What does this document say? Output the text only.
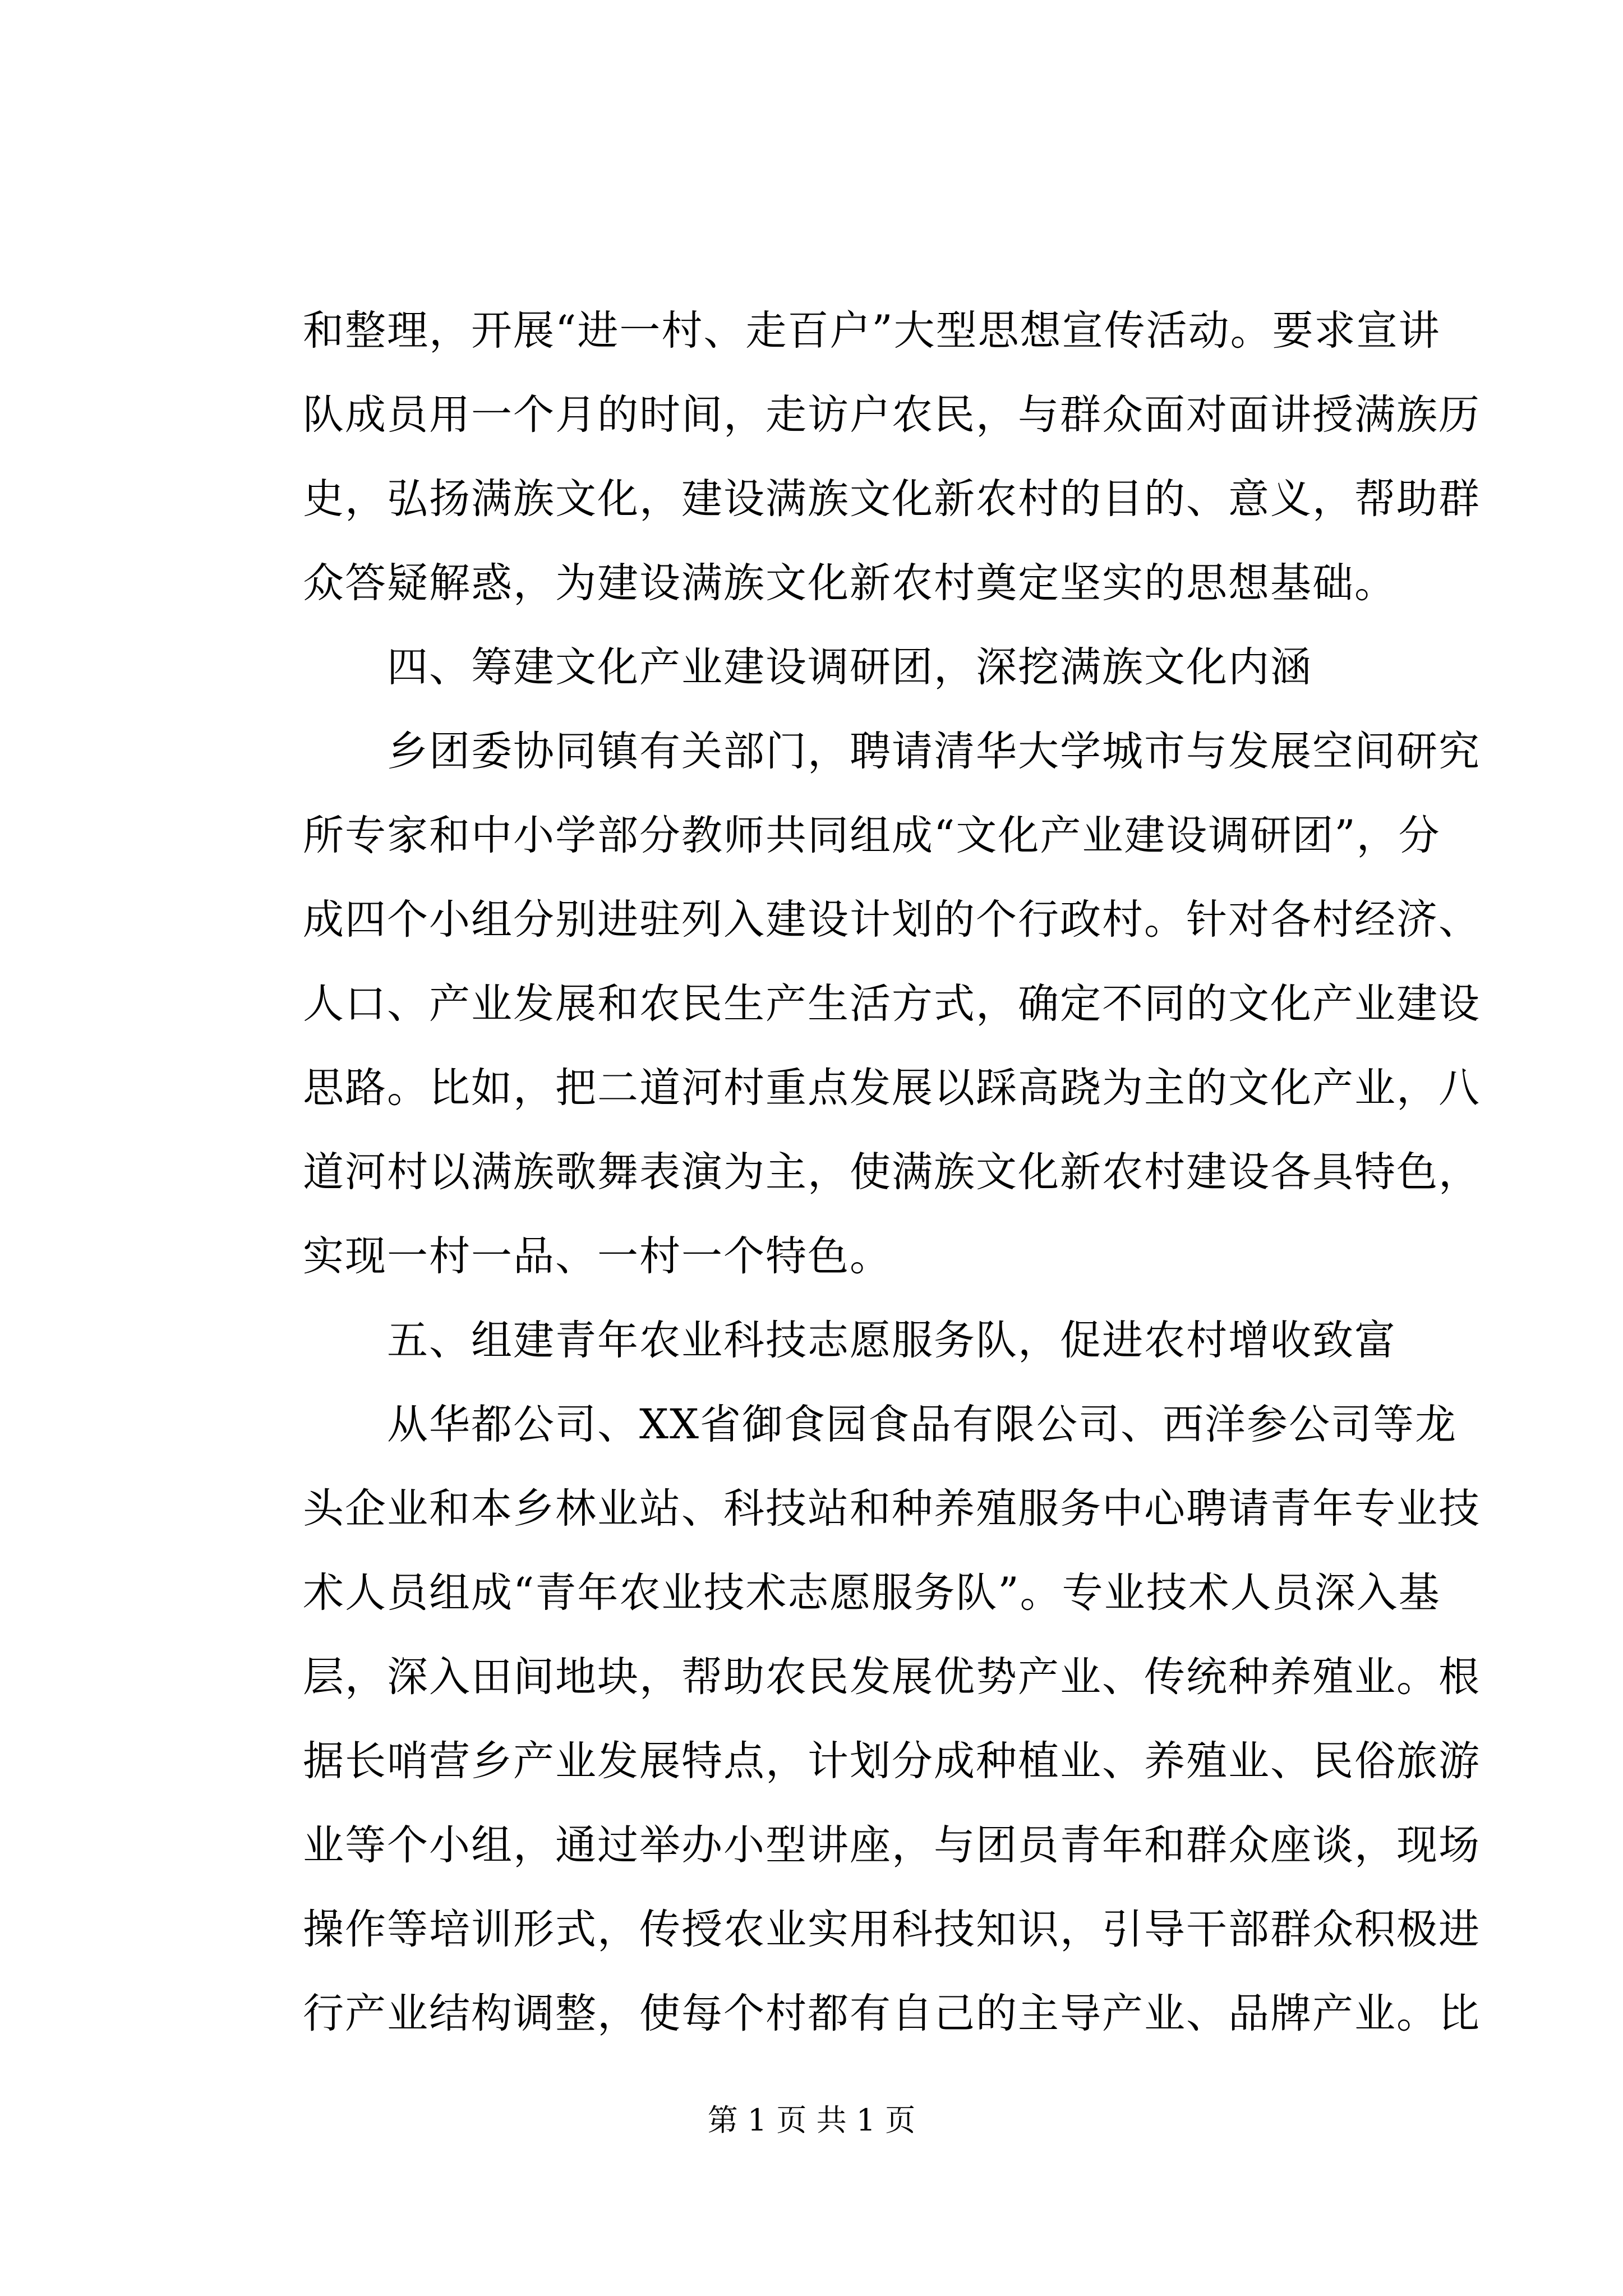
和整理，开展“进一村、走百户”大型思想宣传活动。要求宣讲
队成员用一个月的时间，走访户农民，与群众面对面讲授满族历
史，弘扬满族文化，建设满族文化新农村的目的、意义，帮助群
众答疑解惑，为建设满族文化新农村奠定坚实的思想基础。
　　四、筹建文化产业建设调研团，深挖满族文化内涵
　　乡团委协同镇有关部门，聘请清华大学城市与发展空间研究
所专家和中小学部分教师共同组成“文化产业建设调研团”，分
成四个小组分别进驻列入建设计划的个行政村。针对各村经济、
人口、产业发展和农民生产生活方式，确定不同的文化产业建设
思路。比如，把二道河村重点发展以踩高跷为主的文化产业，八
道河村以满族歌舞表演为主，使满族文化新农村建设各具特色，
实现一村一品、一村一个特色。
　　五、组建青年农业科技志愿服务队，促进农村增收致富
　　从华都公司、XX省御食园食品有限公司、西洋参公司等龙
头企业和本乡林业站、科技站和种养殖服务中心聘请青年专业技
术人员组成“青年农业技术志愿服务队”。专业技术人员深入基
层，深入田间地块，帮助农民发展优势产业、传统种养殖业。根
据长哨营乡产业发展特点，计划分成种植业、养殖业、民俗旅游
业等个小组，通过举办小型讲座，与团员青年和群众座谈，现场
操作等培训形式，传授农业实用科技知识，引导干部群众积极进
行产业结构调整，使每个村都有自己的主导产业、品牌产业。比
第 1 页 共 1 页
